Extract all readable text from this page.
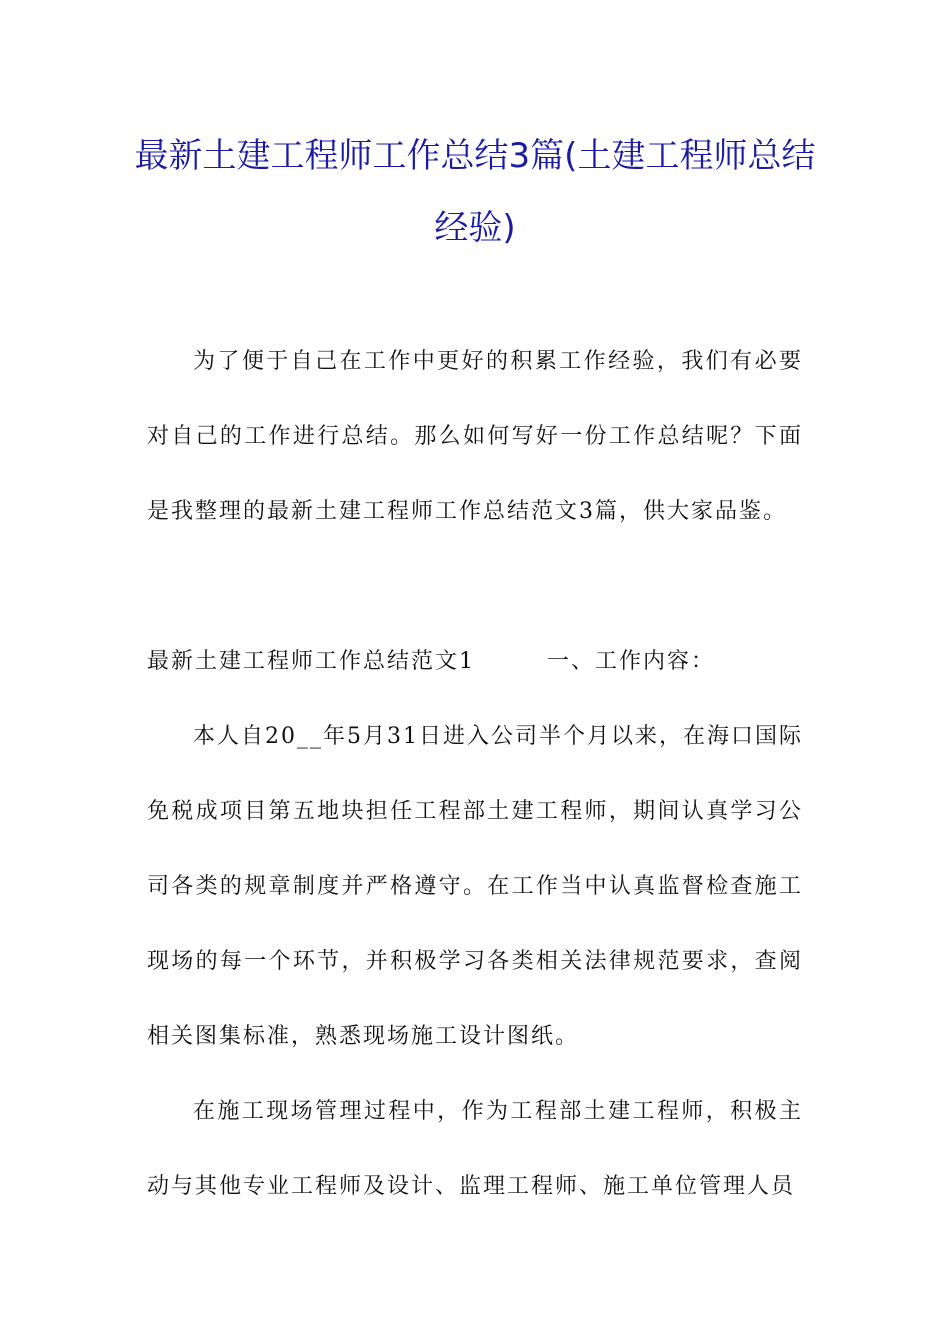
最新土建工程师工作总结3篇(土建工程师总结经验)

为了便于自己在工作中更好的积累工作经验，我们有必要对自己的工作进行总结。那么如何写好一份工作总结呢？下面是我整理的最新土建工程师工作总结范文3篇，供大家品鉴。

最新土建工程师工作总结范文1        一、工作内容：

本人自20__年5月31日进入公司半个月以来，在海口国际免税成项目第五地块担任工程部土建工程师，期间认真学习公司各类的规章制度并严格遵守。在工作当中认真监督检查施工现场的每一个环节，并积极学习各类相关法律规范要求，查阅相关图集标准，熟悉现场施工设计图纸。

在施工现场管理过程中，作为工程部土建工程师，积极主动与其他专业工程师及设计、监理工程师、施工单位管理人员
